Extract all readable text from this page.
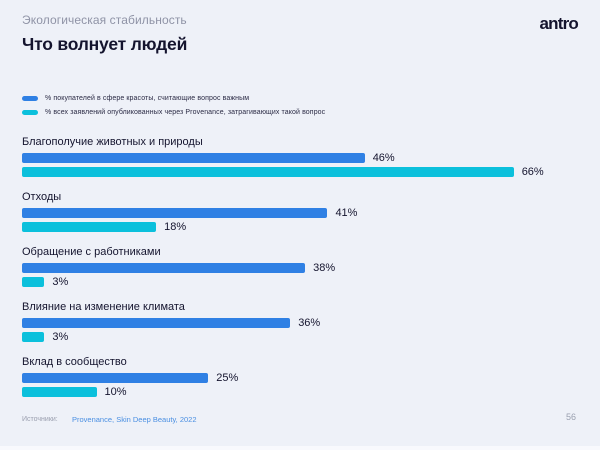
Экологическая стабильность
Что волнует людей
antro
% покупателей в сфере красоты, считающие вопрос важным
% всех заявлений опубликованных через Provenance, затрагивающих такой вопрос
Благополучие животных и природы
46%
66%
Отходы
41%
18%
Обращение с работниками
38%
3%
Влияние на изменение климата
36%
3%
Вклад в сообщество
25%
10%
Источники: Provenance, Skin Deep Beauty, 2022	56
